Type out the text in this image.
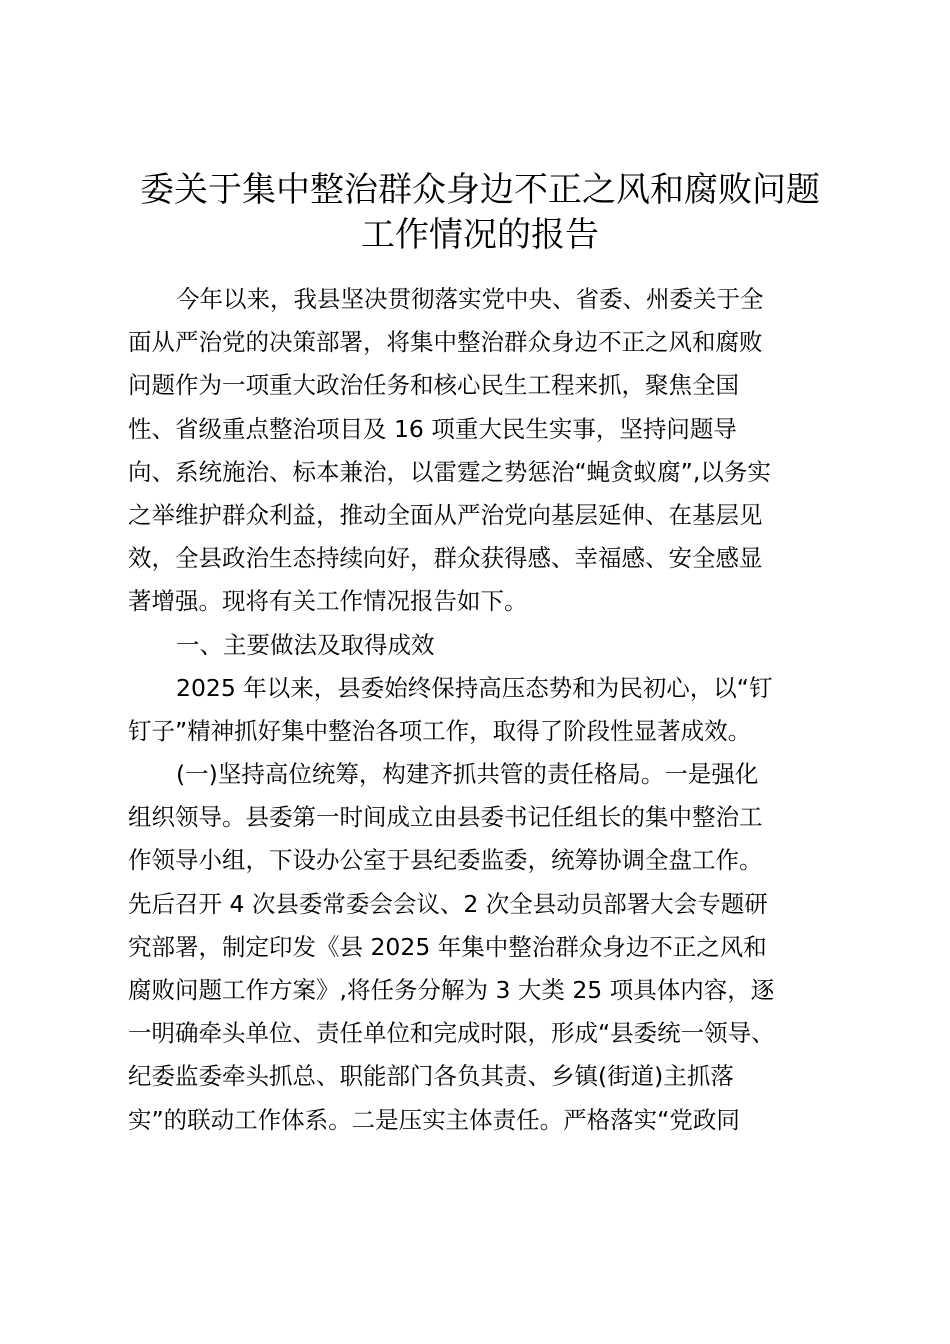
委关于集中整治群众身边不正之风和腐败问题
工作情况的报告

今年以来，我县坚决贯彻落实党中央、省委、州委关于全
面从严治党的决策部署，将集中整治群众身边不正之风和腐败
问题作为一项重大政治任务和核心民生工程来抓，聚焦全国
性、省级重点整治项目及 16 项重大民生实事，坚持问题导
向、系统施治、标本兼治，以雷霆之势惩治“蝇贪蚁腐”,以务实
之举维护群众利益，推动全面从严治党向基层延伸、在基层见
效，全县政治生态持续向好，群众获得感、幸福感、安全感显
著增强。现将有关工作情况报告如下。

一、主要做法及取得成效

2025 年以来，县委始终保持高压态势和为民初心，以“钉
钉子”精神抓好集中整治各项工作，取得了阶段性显著成效。

(一)坚持高位统筹，构建齐抓共管的责任格局。一是强化
组织领导。县委第一时间成立由县委书记任组长的集中整治工
作领导小组，下设办公室于县纪委监委，统筹协调全盘工作。
先后召开 4 次县委常委会会议、2 次全县动员部署大会专题研
究部署，制定印发《县 2025 年集中整治群众身边不正之风和
腐败问题工作方案》,将任务分解为 3 大类 25 项具体内容，逐
一明确牵头单位、责任单位和完成时限，形成“县委统一领导、
纪委监委牵头抓总、职能部门各负其责、乡镇(街道)主抓落
实”的联动工作体系。二是压实主体责任。严格落实“党政同
